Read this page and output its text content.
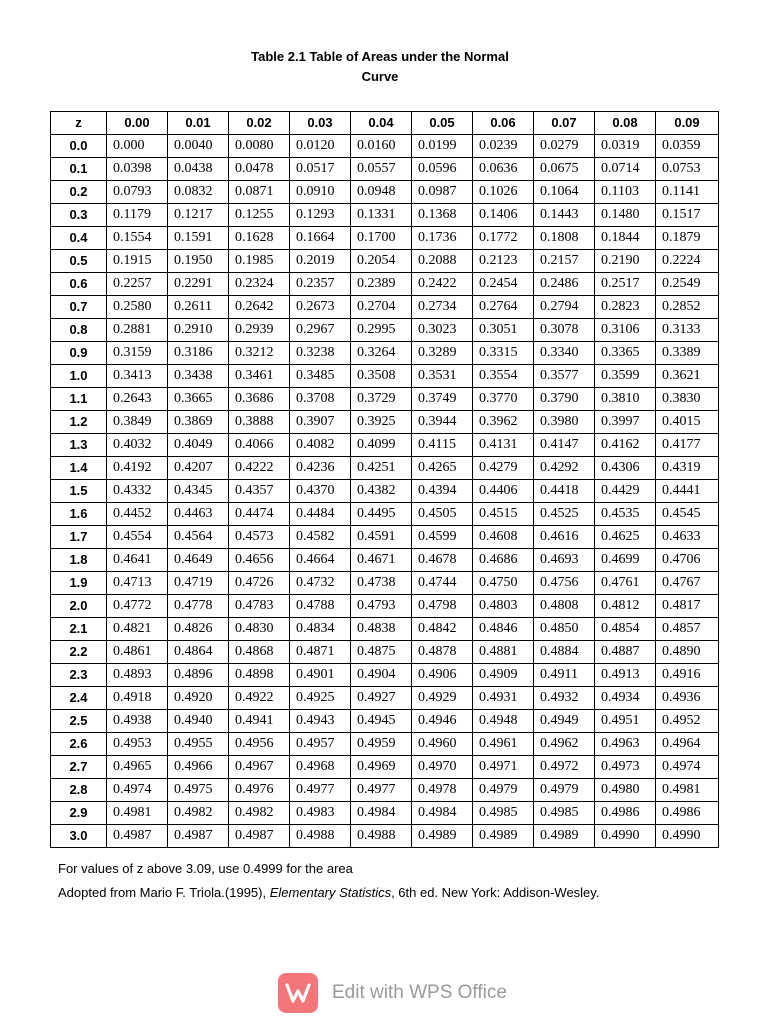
Table 2.1 Table of Areas under the Normal
Curve
z	0.00	0.01	0.02	0.03	0.04	0.05	0.06	0.07	0.08	0.09
0.0	0.000	0.0040	0.0080	0.0120	0.0160	0.0199	0.0239	0.0279	0.0319	0.0359
0.1	0.0398	0.0438	0.0478	0.0517	0.0557	0.0596	0.0636	0.0675	0.0714	0.0753
0.2	0.0793	0.0832	0.0871	0.0910	0.0948	0.0987	0.1026	0.1064	0.1103	0.1141
0.3	0.1179	0.1217	0.1255	0.1293	0.1331	0.1368	0.1406	0.1443	0.1480	0.1517
0.4	0.1554	0.1591	0.1628	0.1664	0.1700	0.1736	0.1772	0.1808	0.1844	0.1879
0.5	0.1915	0.1950	0.1985	0.2019	0.2054	0.2088	0.2123	0.2157	0.2190	0.2224
0.6	0.2257	0.2291	0.2324	0.2357	0.2389	0.2422	0.2454	0.2486	0.2517	0.2549
0.7	0.2580	0.2611	0.2642	0.2673	0.2704	0.2734	0.2764	0.2794	0.2823	0.2852
0.8	0.2881	0.2910	0.2939	0.2967	0.2995	0.3023	0.3051	0.3078	0.3106	0.3133
0.9	0.3159	0.3186	0.3212	0.3238	0.3264	0.3289	0.3315	0.3340	0.3365	0.3389
1.0	0.3413	0.3438	0.3461	0.3485	0.3508	0.3531	0.3554	0.3577	0.3599	0.3621
1.1	0.2643	0.3665	0.3686	0.3708	0.3729	0.3749	0.3770	0.3790	0.3810	0.3830
1.2	0.3849	0.3869	0.3888	0.3907	0.3925	0.3944	0.3962	0.3980	0.3997	0.4015
1.3	0.4032	0.4049	0.4066	0.4082	0.4099	0.4115	0.4131	0.4147	0.4162	0.4177
1.4	0.4192	0.4207	0.4222	0.4236	0.4251	0.4265	0.4279	0.4292	0.4306	0.4319
1.5	0.4332	0.4345	0.4357	0.4370	0.4382	0.4394	0.4406	0.4418	0.4429	0.4441
1.6	0.4452	0.4463	0.4474	0.4484	0.4495	0.4505	0.4515	0.4525	0.4535	0.4545
1.7	0.4554	0.4564	0.4573	0.4582	0.4591	0.4599	0.4608	0.4616	0.4625	0.4633
1.8	0.4641	0.4649	0.4656	0.4664	0.4671	0.4678	0.4686	0.4693	0.4699	0.4706
1.9	0.4713	0.4719	0.4726	0.4732	0.4738	0.4744	0.4750	0.4756	0.4761	0.4767
2.0	0.4772	0.4778	0.4783	0.4788	0.4793	0.4798	0.4803	0.4808	0.4812	0.4817
2.1	0.4821	0.4826	0.4830	0.4834	0.4838	0.4842	0.4846	0.4850	0.4854	0.4857
2.2	0.4861	0.4864	0.4868	0.4871	0.4875	0.4878	0.4881	0.4884	0.4887	0.4890
2.3	0.4893	0.4896	0.4898	0.4901	0.4904	0.4906	0.4909	0.4911	0.4913	0.4916
2.4	0.4918	0.4920	0.4922	0.4925	0.4927	0.4929	0.4931	0.4932	0.4934	0.4936
2.5	0.4938	0.4940	0.4941	0.4943	0.4945	0.4946	0.4948	0.4949	0.4951	0.4952
2.6	0.4953	0.4955	0.4956	0.4957	0.4959	0.4960	0.4961	0.4962	0.4963	0.4964
2.7	0.4965	0.4966	0.4967	0.4968	0.4969	0.4970	0.4971	0.4972	0.4973	0.4974
2.8	0.4974	0.4975	0.4976	0.4977	0.4977	0.4978	0.4979	0.4979	0.4980	0.4981
2.9	0.4981	0.4982	0.4982	0.4983	0.4984	0.4984	0.4985	0.4985	0.4986	0.4986
3.0	0.4987	0.4987	0.4987	0.4988	0.4988	0.4989	0.4989	0.4989	0.4990	0.4990
For values of z above 3.09, use 0.4999 for the area
Adopted from Mario F. Triola.(1995), Elementary Statistics, 6th ed. New York: Addison-Wesley.
Edit with WPS Office
